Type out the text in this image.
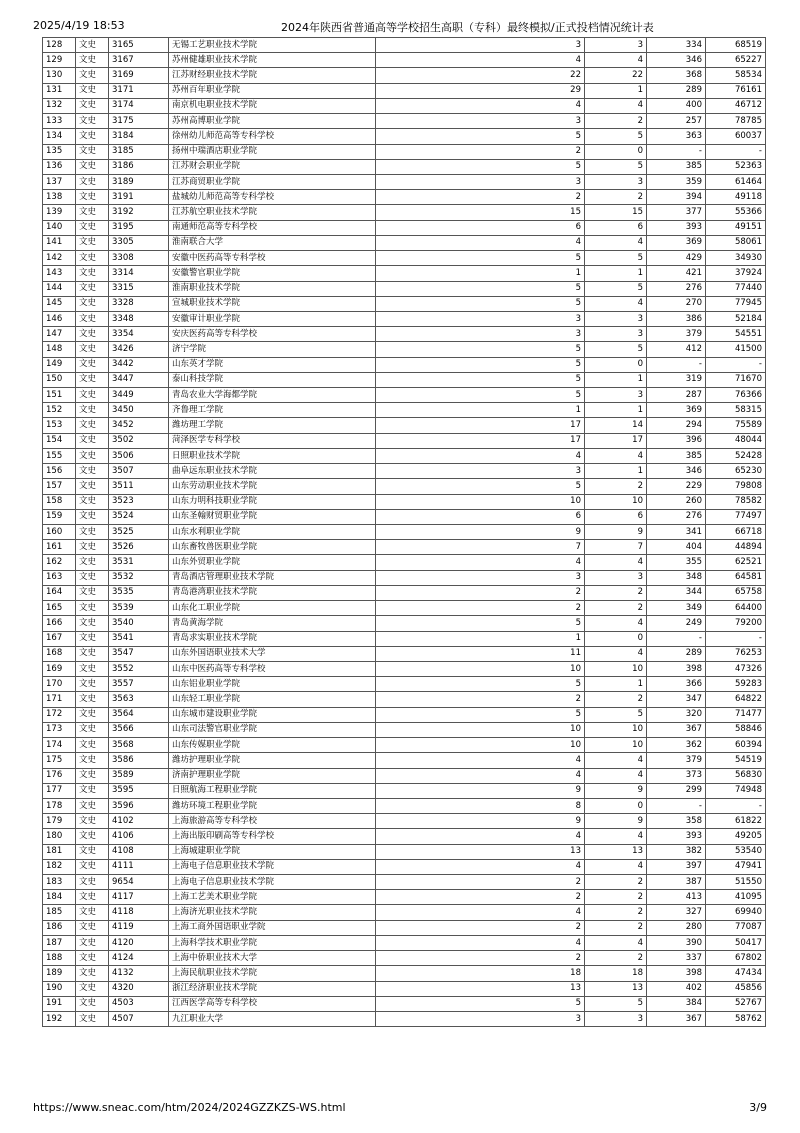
2025/4/19 18:53	2024年陕西省普通高等学校招生高职（专科）最终模拟/正式投档情况统计表
128	文史	3165	无锡工艺职业技术学院	3	3	334	68519
129	文史	3167	苏州健雄职业技术学院	4	4	346	65227
130	文史	3169	江苏财经职业技术学院	22	22	368	58534
131	文史	3171	苏州百年职业学院	29	1	289	76161
132	文史	3174	南京机电职业技术学院	4	4	400	46712
133	文史	3175	苏州高博职业学院	3	2	257	78785
134	文史	3184	徐州幼儿师范高等专科学校	5	5	363	60037
135	文史	3185	扬州中瑞酒店职业学院	2	0	-	-
136	文史	3186	江苏财会职业学院	5	5	385	52363
137	文史	3189	江苏商贸职业学院	3	3	359	61464
138	文史	3191	盐城幼儿师范高等专科学校	2	2	394	49118
139	文史	3192	江苏航空职业技术学院	15	15	377	55366
140	文史	3195	南通师范高等专科学校	6	6	393	49151
141	文史	3305	淮南联合大学	4	4	369	58061
142	文史	3308	安徽中医药高等专科学校	5	5	429	34930
143	文史	3314	安徽警官职业学院	1	1	421	37924
144	文史	3315	淮南职业技术学院	5	5	276	77440
145	文史	3328	宣城职业技术学院	5	4	270	77945
146	文史	3348	安徽审计职业学院	3	3	386	52184
147	文史	3354	安庆医药高等专科学校	3	3	379	54551
148	文史	3426	济宁学院	5	5	412	41500
149	文史	3442	山东英才学院	5	0	-	-
150	文史	3447	泰山科技学院	5	1	319	71670
151	文史	3449	青岛农业大学海都学院	5	3	287	76366
152	文史	3450	齐鲁理工学院	1	1	369	58315
153	文史	3452	潍坊理工学院	17	14	294	75589
154	文史	3502	菏泽医学专科学校	17	17	396	48044
155	文史	3506	日照职业技术学院	4	4	385	52428
156	文史	3507	曲阜远东职业技术学院	3	1	346	65230
157	文史	3511	山东劳动职业技术学院	5	2	229	79808
158	文史	3523	山东力明科技职业学院	10	10	260	78582
159	文史	3524	山东圣翰财贸职业学院	6	6	276	77497
160	文史	3525	山东水利职业学院	9	9	341	66718
161	文史	3526	山东畜牧兽医职业学院	7	7	404	44894
162	文史	3531	山东外贸职业学院	4	4	355	62521
163	文史	3532	青岛酒店管理职业技术学院	3	3	348	64581
164	文史	3535	青岛港湾职业技术学院	2	2	344	65758
165	文史	3539	山东化工职业学院	2	2	349	64400
166	文史	3540	青岛黄海学院	5	4	249	79200
167	文史	3541	青岛求实职业技术学院	1	0	-	-
168	文史	3547	山东外国语职业技术大学	11	4	289	76253
169	文史	3552	山东中医药高等专科学校	10	10	398	47326
170	文史	3557	山东铝业职业学院	5	1	366	59283
171	文史	3563	山东轻工职业学院	2	2	347	64822
172	文史	3564	山东城市建设职业学院	5	5	320	71477
173	文史	3566	山东司法警官职业学院	10	10	367	58846
174	文史	3568	山东传媒职业学院	10	10	362	60394
175	文史	3586	潍坊护理职业学院	4	4	379	54519
176	文史	3589	济南护理职业学院	4	4	373	56830
177	文史	3595	日照航海工程职业学院	9	9	299	74948
178	文史	3596	潍坊环境工程职业学院	8	0	-	-
179	文史	4102	上海旅游高等专科学校	9	9	358	61822
180	文史	4106	上海出版印刷高等专科学校	4	4	393	49205
181	文史	4108	上海城建职业学院	13	13	382	53540
182	文史	4111	上海电子信息职业技术学院	4	4	397	47941
183	文史	9654	上海电子信息职业技术学院	2	2	387	51550
184	文史	4117	上海工艺美术职业学院	2	2	413	41095
185	文史	4118	上海济光职业技术学院	4	2	327	69940
186	文史	4119	上海工商外国语职业学院	2	2	280	77087
187	文史	4120	上海科学技术职业学院	4	4	390	50417
188	文史	4124	上海中侨职业技术大学	2	2	337	67802
189	文史	4132	上海民航职业技术学院	18	18	398	47434
190	文史	4320	浙江经济职业技术学院	13	13	402	45856
191	文史	4503	江西医学高等专科学校	5	5	384	52767
192	文史	4507	九江职业大学	3	3	367	58762
https://www.sneac.com/htm/2024/2024GZZKZS-WS.html	3/9
